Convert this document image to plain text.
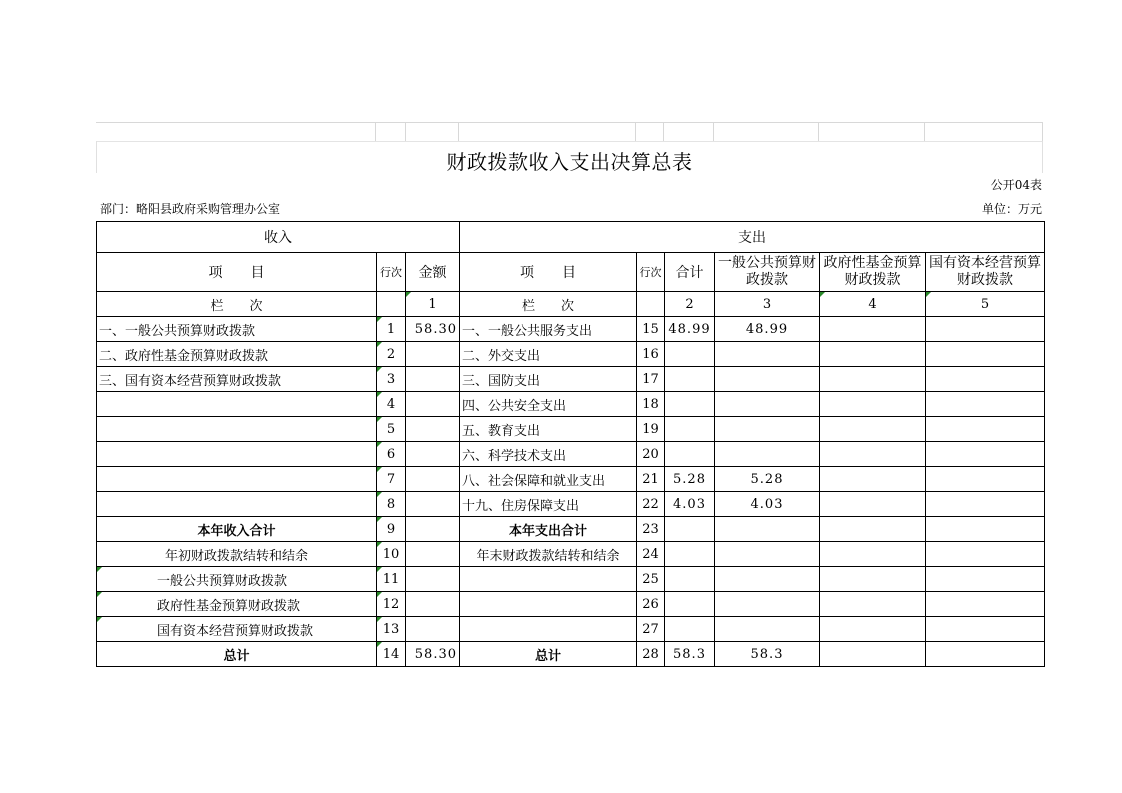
财政拨款收入支出决算总表
公开04表
部门：略阳县政府采购管理办公室	单位：万元
收入			支出					
项　　目	行次	金额	项　　目	行次	合计	一般公共预算财政拨款	政府性基金预算财政拨款	国有资本经营预算财政拨款
栏　　次		1	栏　　次		2	3	4	5
一、一般公共预算财政拨款	1	58.30	一、一般公共服务支出	15	48.99	48.99		
二、政府性基金预算财政拨款	2		二、外交支出	16				
三、国有资本经营预算财政拨款	3		三、国防支出	17				
	4		四、公共安全支出	18				
	5		五、教育支出	19				
	6		六、科学技术支出	20				
	7		八、社会保障和就业支出	21	5.28	5.28		
	8		十九、住房保障支出	22	4.03	4.03		
本年收入合计	9		本年支出合计	23				
年初财政拨款结转和结余	10		年末财政拨款结转和结余	24				
一般公共预算财政拨款	11			25				
政府性基金预算财政拨款	12			26				
国有资本经营预算财政拨款	13			27				
总计	14	58.30	总计	28	58.3	58.3		
